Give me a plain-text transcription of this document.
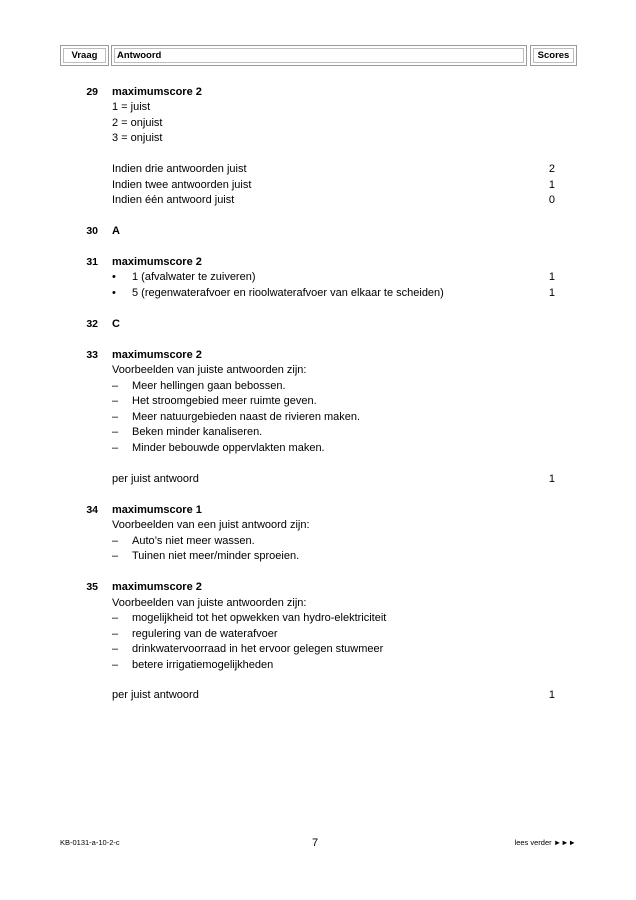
Vraag	Antwoord	Scores
29 maximumscore 2
1 = juist
2 = onjuist
3 = onjuist
Indien drie antwoorden juist	2
Indien twee antwoorden juist	1
Indien één antwoord juist	0
30 A
31 maximumscore 2
• 1 (afvalwater te zuiveren)	1
• 5 (regenwaterafvoer en rioolwaterafvoer van elkaar te scheiden)	1
32 C
33 maximumscore 2
Voorbeelden van juiste antwoorden zijn:
– Meer hellingen gaan bebossen.
– Het stroomgebied meer ruimte geven.
– Meer natuurgebieden naast de rivieren maken.
– Beken minder kanaliseren.
– Minder bebouwde oppervlakten maken.
per juist antwoord	1
34 maximumscore 1
Voorbeelden van een juist antwoord zijn:
– Auto’s niet meer wassen.
– Tuinen niet meer/minder sproeien.
35 maximumscore 2
Voorbeelden van juiste antwoorden zijn:
– mogelijkheid tot het opwekken van hydro-elektriciteit
– regulering van de waterafvoer
– drinkwatervoorraad in het ervoor gelegen stuwmeer
– betere irrigatiemogelijkheden
per juist antwoord	1
KB-0131-a-10-2-c	7	lees verder ►►►
